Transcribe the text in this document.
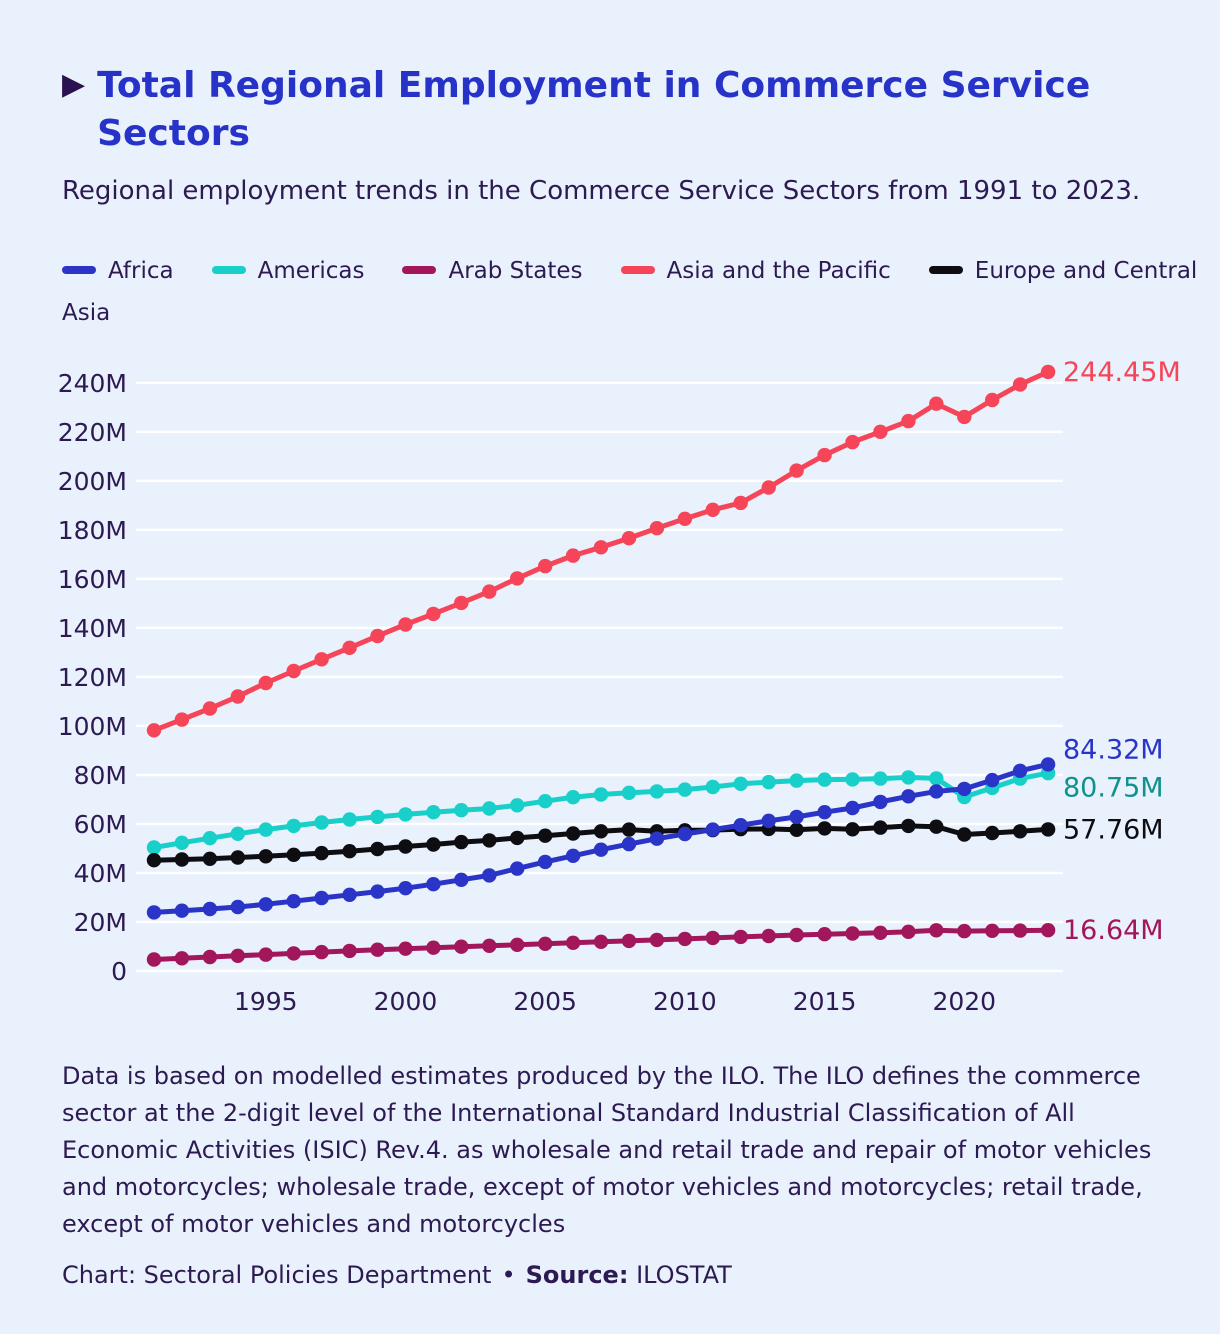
▶ Total Regional Employment in Commerce Service Sectors

Regional employment trends in the Commerce Service Sectors from 1991 to 2023.

Africa	Americas	Arab States	Asia and the Pacific	Europe and Central Asia
0
20M
40M
60M
80M
100M
120M
140M
160M
180M
200M
220M
240M
1995	2000	2005	2010	2015	2020
244.45M
84.32M
80.75M
57.76M
16.64M

Data is based on modelled estimates produced by the ILO. The ILO defines the commerce sector at the 2-digit level of the International Standard Industrial Classification of All Economic Activities (ISIC) Rev.4. as wholesale and retail trade and repair of motor vehicles and motorcycles; wholesale trade, except of motor vehicles and motorcycles; retail trade, except of motor vehicles and motorcycles

Chart: Sectoral Policies Department • Source: ILOSTAT
